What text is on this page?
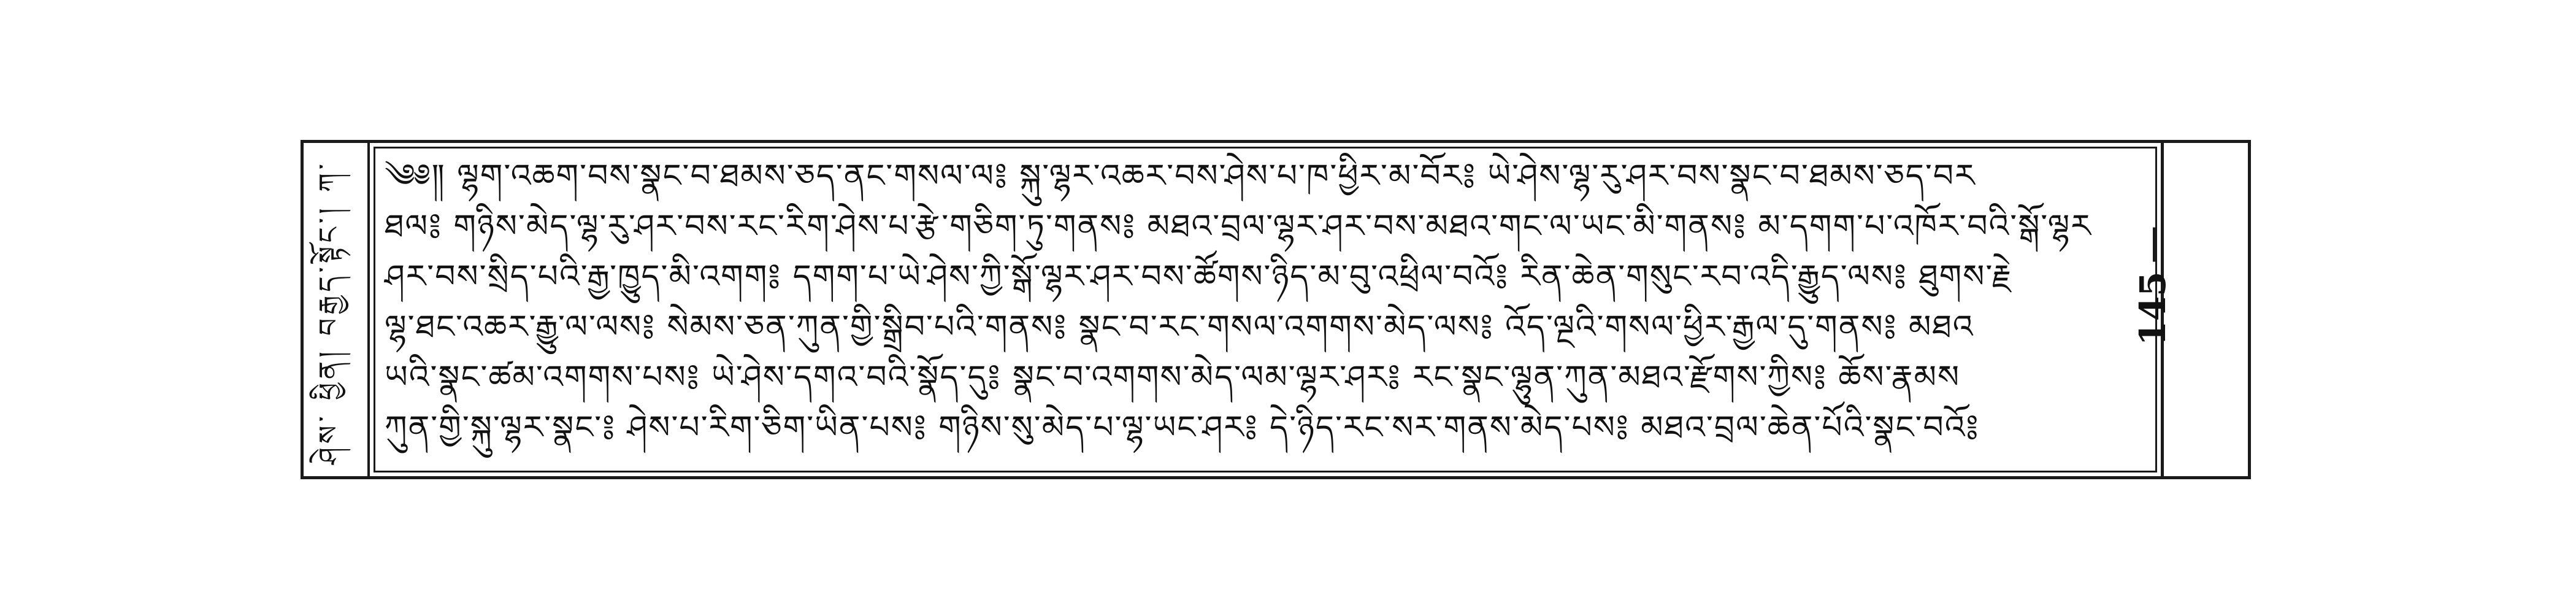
ཤེས༌ ཕྱིན། བརྒྱད་སྟོང་། ཀ་	༄༅༎ ལྷག་འཆག་བས་སྣང་བ་ཐམས་ཅད་ནང་གསལ་ལ༔ སྐུ་ལྷར་འཆར་བས་ཤེས་པ་ཁ་ཕྱིར་མ་བོར༔ ཡེ་ཤེས་ལྷ་རུ་ཤར་བས་སྣང་བ་ཐམས་ཅད་བར
ཐལ༔ གཉིས་མེད་ལྷ་རུ་ཤར་བས་རང་རིག་ཤེས་པ་རྩེ་གཅིག་ཏུ་གནས༔ མཐའ་བྲལ་ལྷར་ཤར་བས་མཐའ་གང་ལ་ཡང་མི་གནས༔ མ་དགག་པ་འཁོར་བའི་སྒོ་ལྷར
ཤར་བས་སྲིད་པའི་རྒྱ་ཁྱུད་མི་འགག༔ དགག་པ་ཡེ་ཤེས་ཀྱི་སྒོ་ལྷར་ཤར་བས་ཚོགས་ཉིད་མ་བུ་འཕྲིལ་བའོ༔ རིན་ཆེན་གསུང་རབ་འདི་རྒྱུད་ལས༔ ཐུགས་རྗེ
ལྷ་ཐང་འཆར་རྒྱུ་ལ་ལས༔ སེམས་ཅན་ཀུན་གྱི་སྒྲིབ་པའི་གནས༔ སྣང་བ་རང་གསལ་འགགས་མེད་ལས༔ འོད་ལྔའི་གསལ་ཕྱིར་རྒྱལ་དུ་གནས༔ མཐའ
ཡའི་སྣང་ཚམ་འགགས་པས༔ ཡེ་ཤེས་དགའ་བའི་སྣོད་དུ༔ སྣང་བ་འགགས་མེད་ལམ་ལྷར་ཤར༔ རང་སྣང་ལྷུན་ཀུན་མཐའ་རྫོགས་ཀྱིས༔ ཆོས་རྣམས
ཀུན་གྱི་སྐུ་ལྷར་སྣང་༔ ཤེས་པ་རིག་ཅིག་ཡིན་པས༔ གཉིས་སུ་མེད་པ་ལྷ་ཡང་ཤར༔ དེ་ཉིད་རང་སར་གནས་མེད་པས༔ མཐའ་བྲལ་ཆེན་པོའི་སྣང་བའོ༔
145
